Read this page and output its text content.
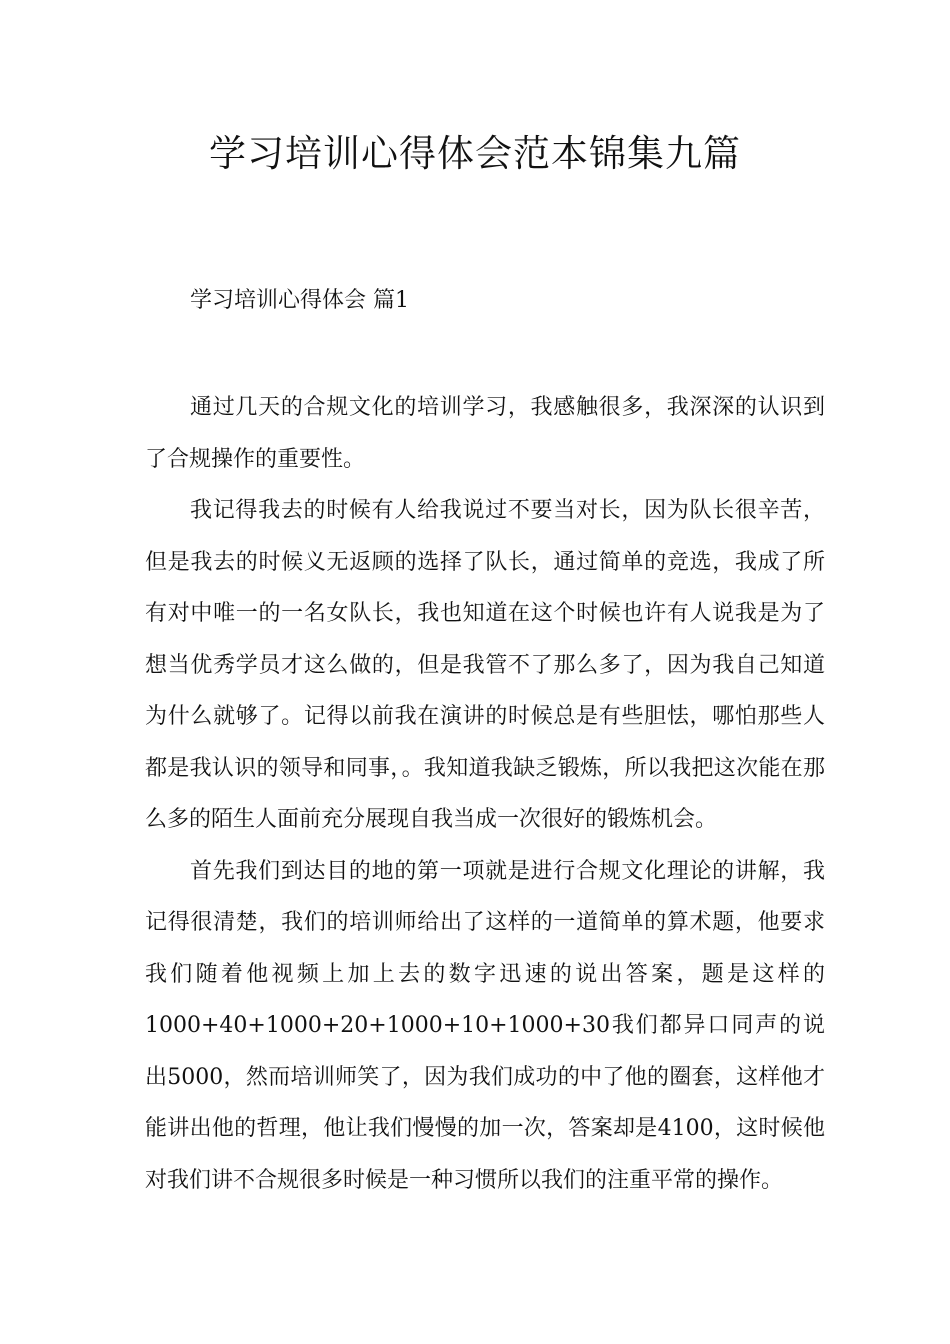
学习培训心得体会范本锦集九篇
学习培训心得体会 篇1

通过几天的合规文化的培训学习，我感触很多，我深深的认识到了合规操作的重要性。

我记得我去的时候有人给我说过不要当对长，因为队长很辛苦，但是我去的时候义无返顾的选择了队长，通过简单的竞选，我成了所有对中唯一的一名女队长，我也知道在这个时候也许有人说我是为了想当优秀学员才这么做的，但是我管不了那么多了，因为我自己知道为什么就够了。记得以前我在演讲的时候总是有些胆怯，哪怕那些人都是我认识的领导和同事，。我知道我缺乏锻炼，所以我把这次能在那么多的陌生人面前充分展现自我当成一次很好的锻炼机会。

首先我们到达目的地的第一项就是进行合规文化理论的讲解，我记得很清楚，我们的培训师给出了这样的一道简单的算术题，他要求我们随着他视频上加上去的数字迅速的说出答案，题是这样的1000+40+1000+20+1000+10+1000+30我们都异口同声的说出5000，然而培训师笑了，因为我们成功的中了他的圈套，这样他才能讲出他的哲理，他让我们慢慢的加一次，答案却是4100，这时候他对我们讲不合规很多时候是一种习惯所以我们的注重平常的操作。
